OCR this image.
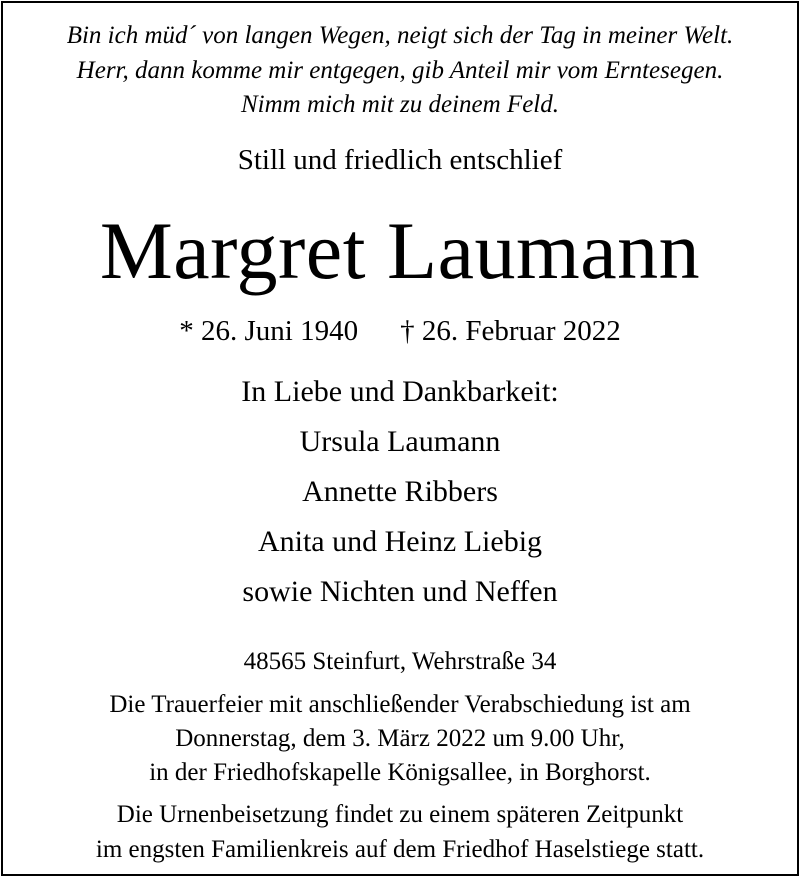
Bin ich müd´ von langen Wegen, neigt sich der Tag in meiner Welt.
Herr, dann komme mir entgegen, gib Anteil mir vom Erntesegen.
Nimm mich mit zu deinem Feld.
Still und friedlich entschlief
Margret Laumann
* 26. Juni 1940 † 26. Februar 2022
In Liebe und Dankbarkeit:
Ursula Laumann
Annette Ribbers
Anita und Heinz Liebig
sowie Nichten und Neffen
48565 Steinfurt, Wehrstraße 34
Die Trauerfeier mit anschließender Verabschiedung ist am
Donnerstag, dem 3. März 2022 um 9.00 Uhr,
in der Friedhofskapelle Königsallee, in Borghorst.
Die Urnenbeisetzung findet zu einem späteren Zeitpunkt
im engsten Familienkreis auf dem Friedhof Haselstiege statt.
